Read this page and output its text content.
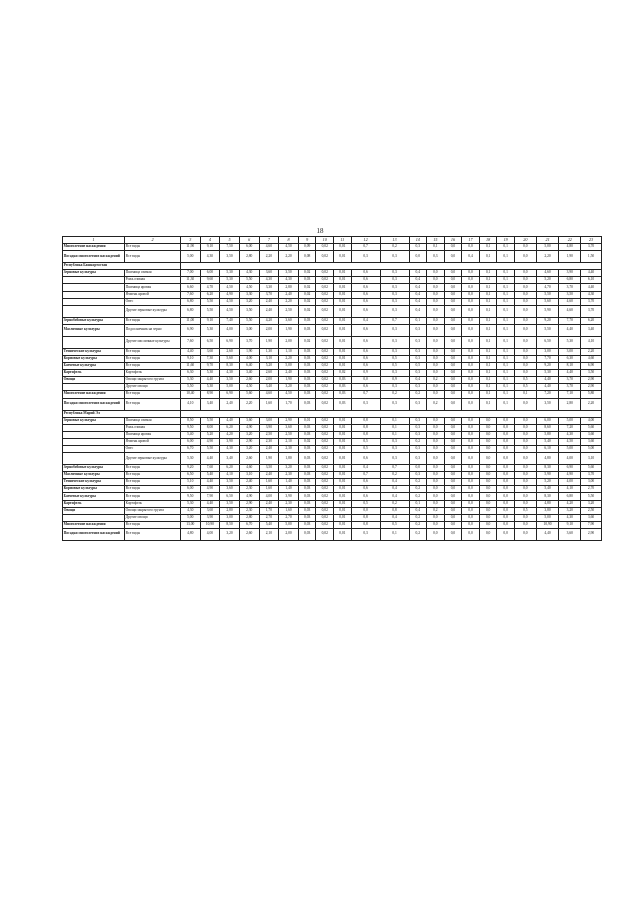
18
1	2	3	4	5	6	7	8	9	10	11	12	13	14	15	16	17	18	19	20	21	22	23
Многолетние насаждения	Все виды	11,90	9,10	7,50	6,00	4,60	4,50	0,09	0,02	0,01	0,7	0,2	0,3	0,1	0,0	0,0	0,1	0,1	0,0	5,00	4,80	3,70
Посадки многолетних насаждений	Все виды	5,00	4,30	3,50	2,80	2,20	2,20	0,08	0,02	0,01	0,3	0,3	0,0	0,3	0,0	0,4	0,1	0,1	0,0	2,20	1,90	1,50
Республика Башкортостан																						
Зерновые культуры	Пшеница озимая	7,00	6,00	5,30	4,30	3,60	3,50	0,02	0,02	0,01	0,6	0,3	0,4	0,0	0,0	0,0	0,1	0,1	0,0	4,60	3,90	4,40
	Рожь озимая	11,30	9,60	5,30	5,50	4,30	4,30	0,03	0,02	0,01	0,6	0,3	0,4	0,0	0,0	0,0	0,1	0,1	0,0	5,20	6,80	6,10
	Пшеница яровая	6,60	4,70	4,50	4,50	3,30	2,80	0,02	0,02	0,01	0,6	0,3	0,4	0,0	0,0	0,0	0,1	0,1	0,0	4,70	3,70	4,40
	Ячмень яровой	7,60	6,20	4,90	3,30	3,70	2,40	0,02	0,02	0,01	0,6	0,3	0,4	0,0	0,0	0,0	0,1	0,1	0,0	5,50	3,50	4,30
	Овес	6,80	5,50	4,50	3,20	2,40	2,20	0,02	0,02	0,01	0,6	0,3	0,4	0,0	0,0	0,0	0,1	0,1	0,0	5,60	4,60	3,70
	Другие зерновые культуры	6,80	5,50	4,50	3,50	2,40	2,50	0,02	0,02	0,01	0,6	0,3	0,4	0,0	0,0	0,0	0,1	0,1	0,0	5,90	4,60	3,70
Зернобобовые культуры	Все виды	11,00	9,10	7,40	5,50	4,20	3,60	0,03	0,02	0,01	0,4	0,7	0,1	0,0	0,0	0,0	0,1	0,1	0,0	9,20	7,70	6,20
Масличные культуры	Подсолнечник на зерно	6,90	5,30	4,00	3,00	2,00	1,90	0,03	0,02	0,01	0,6	0,3	0,3	0,0	0,0	0,0	0,1	0,1	0,0	5,50	4,40	3,40
	Другие масличные культуры	7,60	6,50	6,90	3,70	1,90	2,00	0,02	0,02	0,01	0,6	0,3	0,3	0,0	0,0	0,0	0,1	0,1	0,0	6,50	5,30	4,10
Технические культуры	Все виды	4,40	3,60	2,60	1,90	1,30	1,10	0,03	0,02	0,01	0,6	0,3	0,3	0,0	0,0	0,0	0,1	0,1	0,0	3,00	3,00	2,20
Кормовые культуры	Все виды	9,10	7,30	5,60	4,00	3,10	2,20	0,03	0,02	0,01	0,6	0,5	0,3	0,0	0,0	0,0	0,1	0,1	0,0	7,70	6,30	4,60
Бахчевые культуры	Все виды	11,60	9,70	8,30	6,40	5,20	5,00	0,03	0,02	0,01	0,6	0,5	0,5	0,0	0,0	0,0	0,1	0,1	0,0	9,20	8,10	6,90
Картофель	Картофель	6,30	5,30	4,30	3,40	2,60	2,40	0,03	0,02	0,02	0,9	0,3	0,3	0,0	0,0	0,0	0,1	0,1	0,0	5,30	4,40	3,50
Овощи	Овощи закрытого грунта	5,30	4,40	3,50	2,60	2,00	1,90	0,03	0,02	0,03	0,0	0,9	0,4	0,2	0,0	0,0	0,1	0,1	0,5	4,40	3,70	2,90
	Другие овощи	5,50	5,30	5,00	4,50	3,40	3,20	0,03	0,02	0,03	0,6	0,3	0,3	0,0	0,0	0,0	0,1	0,1	0,5	4,40	3,70	2,90
Многолетние насаждения	Все виды	10,40	8,90	6,90	5,60	4,60	4,50	0,03	0,02	0,03	0,7	0,2	0,2	0,0	0,0	0,0	0,1	0,1	0,1	7,20	7,10	5,80
Посадки многолетних насаждений	Все виды	4,10	3,40	2,40	2,20	1,60	1,70	0,03	0,02	0,03	0,3	0,3	0,3	0,2	0,0	0,0	0,1	0,1	0,0	3,50	2,80	2,20
Республика Марий Эл																						
Зерновые культуры	Пшеница озимая	8,50	5,50	4,40	3,60	3,00	2,90	0,01	0,02	0,01	0,8	0,1	0,3	0,0	0,0	0,0	0,0	0,0	0,0	6,00	5,00	4,00
	Рожь озимая	9,50	8,00	6,20	4,90	3,90	3,60	0,03	0,02	0,01	0,8	0,1	0,3	0,0	0,0	0,0	0,0	0,0	0,0	8,60	7,20	5,60
	Пшеница яровая	5,40	5,20	4,20	3,20	2,50	2,50	0,03	0,02	0,01	0,8	0,1	0,3	0,0	0,0	0,0	0,0	0,0	0,0	5,80	4,30	3,60
	Ячмень яровой	6,00	4,90	3,90	2,90	2,30	2,10	0,02	0,02	0,01	0,5	0,3	0,2	0,0	0,0	0,0	0,0	0,0	0,0	5,40	4,50	3,60
	Овес	6,70	5,50	4,30	3,20	2,40	2,30	0,03	0,02	0,01	0,5	0,3	0,3	0,0	0,0	0,0	0,0	0,0	0,0	6,10	5,00	5,00
	Другие зерновые культуры	5,30	4,40	3,40	2,60	1,90	1,80	0,03	0,02	0,01	0,6	0,3	0,3	0,0	0,0	0,0	0,0	0,0	0,0	4,80	4,00	3,10
Зернобобовые культуры	Все виды	9,20	7,60	6,20	4,60	3,50	3,20	0,03	0,02	0,01	0,4	0,7	0,0	0,0	0,0	0,0	0,0	0,0	0,0	8,30	6,90	5,60
Масличные культуры	Все виды	6,50	5,40	4,10	3,10	2,40	2,30	0,03	0,02	0,01	0,7	0,2	0,3	0,0	0,0	0,0	0,0	0,0	0,0	5,90	4,90	3,70
Технические культуры	Все виды	5,10	4,40	3,50	2,40	1,60	1,40	0,03	0,02	0,01	0,6	0,4	0,2	0,0	0,0	0,0	0,0	0,0	0,0	5,20	4,00	3,00
Кормовые культуры	Все виды	6,00	4,90	3,60	2,30	1,60	1,40	0,03	0,02	0,01	0,6	0,4	0,2	0,0	0,0	0,0	0,0	0,0	0,0	5,40	4,10	2,70
Бахчевые культуры	Все виды	9,50	7,90	6,50	4,90	4,00	3,90	0,03	0,02	0,01	0,6	0,4	0,2	0,0	0,0	0,0	0,0	0,0	0,0	8,30	6,80	5,50
Картофель	Картофель	5,30	4,40	3,50	2,90	2,40	2,30	0,03	0,02	0,01	0,5	0,2	0,1	0,0	0,0	0,0	0,0	0,0	0,0	4,80	4,20	3,20
Овощи	Овощи закрытого грунта	4,30	3,60	2,80	2,30	1,70	1,60	0,03	0,02	0,01	0,0	0,8	0,4	0,2	0,0	0,0	0,0	0,0	0,5	3,80	3,20	2,50
	Другие овощи	5,00	3,90	3,00	2,80	2,70	2,70	0,03	0,02	0,01	0,8	0,4	0,2	0,0	0,0	0,0	0,0	0,0	0,0	5,00	4,30	3,60
Многолетние насаждения	Все виды	13,00	10,90	8,50	6,70	5,40	5,00	0,03	0,02	0,01	0,8	0,5	0,2	0,0	0,0	0,0	0,0	0,0	0,0	10,90	9,10	7,90
Посадки многолетних насаждений	Все виды	4,80	4,00	3,20	2,60	2,10	2,00	0,03	0,02	0,01	0,3	0,1	0,2	0,0	0,0	0,0	0,0	0,0	0,0	4,40	3,60	2,90
